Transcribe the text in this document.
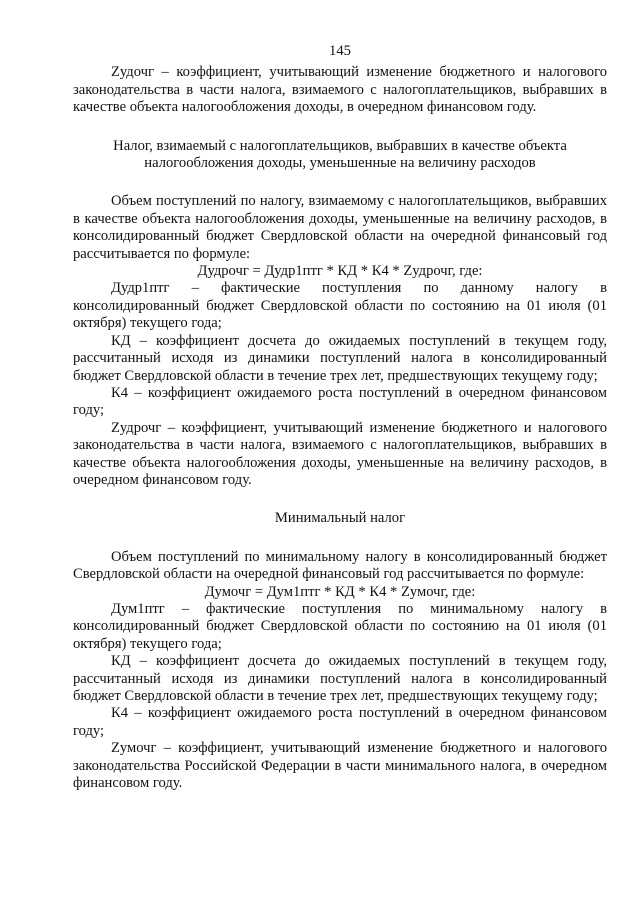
145

Zудочг – коэффициент, учитывающий изменение бюджетного и налогового законодательства в части налога, взимаемого с налогоплательщиков, выбравших в качестве объекта налогообложения доходы, в очередном финансовом году.

Налог, взимаемый с налогоплательщиков, выбравших в качестве объекта налогообложения доходы, уменьшенные на величину расходов

Объем поступлений по налогу, взимаемому с налогоплательщиков, выбравших в качестве объекта налогообложения доходы, уменьшенные на величину расходов, в консолидированный бюджет Свердловской области на очередной финансовый год рассчитывается по формуле:

Дудрочг = Дудр1птг * КД * К4 * Zудрочг, где:

Дудр1птг – фактические поступления по данному налогу в консолидированный бюджет Свердловской области по состоянию на 01 июля (01 октября) текущего года;

КД – коэффициент досчета до ожидаемых поступлений в текущем году, рассчитанный исходя из динамики поступлений налога в консолидированный бюджет Свердловской области в течение трех лет, предшествующих текущему году;

К4 – коэффициент ожидаемого роста поступлений в очередном финансовом году;

Zудрочг – коэффициент, учитывающий изменение бюджетного и налогового законодательства в части налога, взимаемого с налогоплательщиков, выбравших в качестве объекта налогообложения доходы, уменьшенные на величину расходов, в очередном финансовом году.

Минимальный налог

Объем поступлений по минимальному налогу в консолидированный бюджет Свердловской области на очередной финансовый год рассчитывается по формуле:

Думочг = Дум1птг * КД * К4 * Zумочг, где:

Дум1птг – фактические поступления по минимальному налогу в консолидированный бюджет Свердловской области по состоянию на 01 июля (01 октября) текущего года;

КД – коэффициент досчета до ожидаемых поступлений в текущем году, рассчитанный исходя из динамики поступлений налога в консолидированный бюджет Свердловской области в течение трех лет, предшествующих текущему году;

К4 – коэффициент ожидаемого роста поступлений в очередном финансовом году;

Zумочг – коэффициент, учитывающий изменение бюджетного и налогового законодательства Российской Федерации в части минимального налога, в очередном финансовом году.
